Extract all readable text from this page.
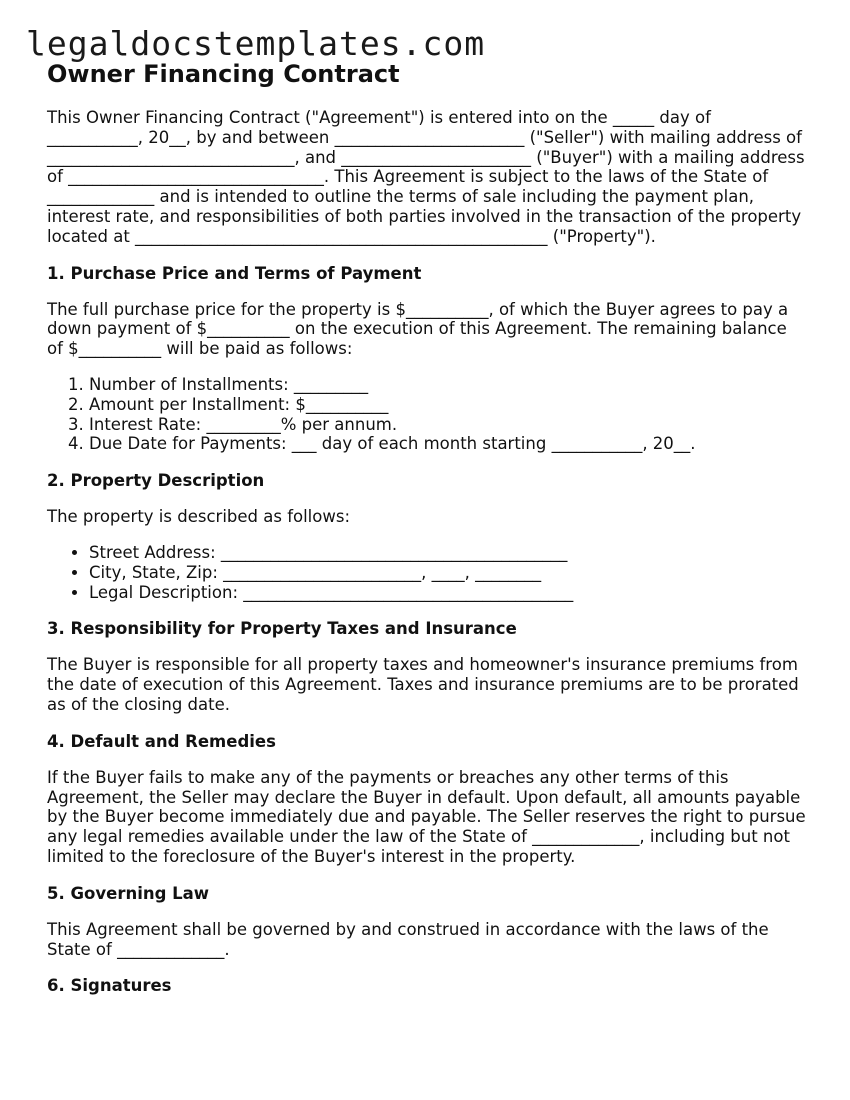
legaldocstemplates.com
Owner Financing Contract

This Owner Financing Contract ("Agreement") is entered into on the _____ day of ___________, 20__, by and between _______________________ ("Seller") with mailing address of ______________________________, and _______________________ ("Buyer") with a mailing address of _______________________________. This Agreement is subject to the laws of the State of _____________ and is intended to outline the terms of sale including the payment plan, interest rate, and responsibilities of both parties involved in the transaction of the property located at __________________________________________________ ("Property").

1. Purchase Price and Terms of Payment

The full purchase price for the property is $__________, of which the Buyer agrees to pay a down payment of $__________ on the execution of this Agreement. The remaining balance of $__________ will be paid as follows:

1. Number of Installments: _________
2. Amount per Installment: $__________
3. Interest Rate: _________% per annum.
4. Due Date for Payments: ___ day of each month starting ___________, 20__.
2. Property Description

The property is described as follows:

• Street Address: __________________________________________
• City, State, Zip: ________________________, ____, ________
• Legal Description: ________________________________________
3. Responsibility for Property Taxes and Insurance

The Buyer is responsible for all property taxes and homeowner's insurance premiums from the date of execution of this Agreement. Taxes and insurance premiums are to be prorated as of the closing date.

4. Default and Remedies

If the Buyer fails to make any of the payments or breaches any other terms of this Agreement, the Seller may declare the Buyer in default. Upon default, all amounts payable by the Buyer become immediately due and payable. The Seller reserves the right to pursue any legal remedies available under the law of the State of _____________, including but not limited to the foreclosure of the Buyer's interest in the property.

5. Governing Law

This Agreement shall be governed by and construed in accordance with the laws of the State of _____________.

6. Signatures
